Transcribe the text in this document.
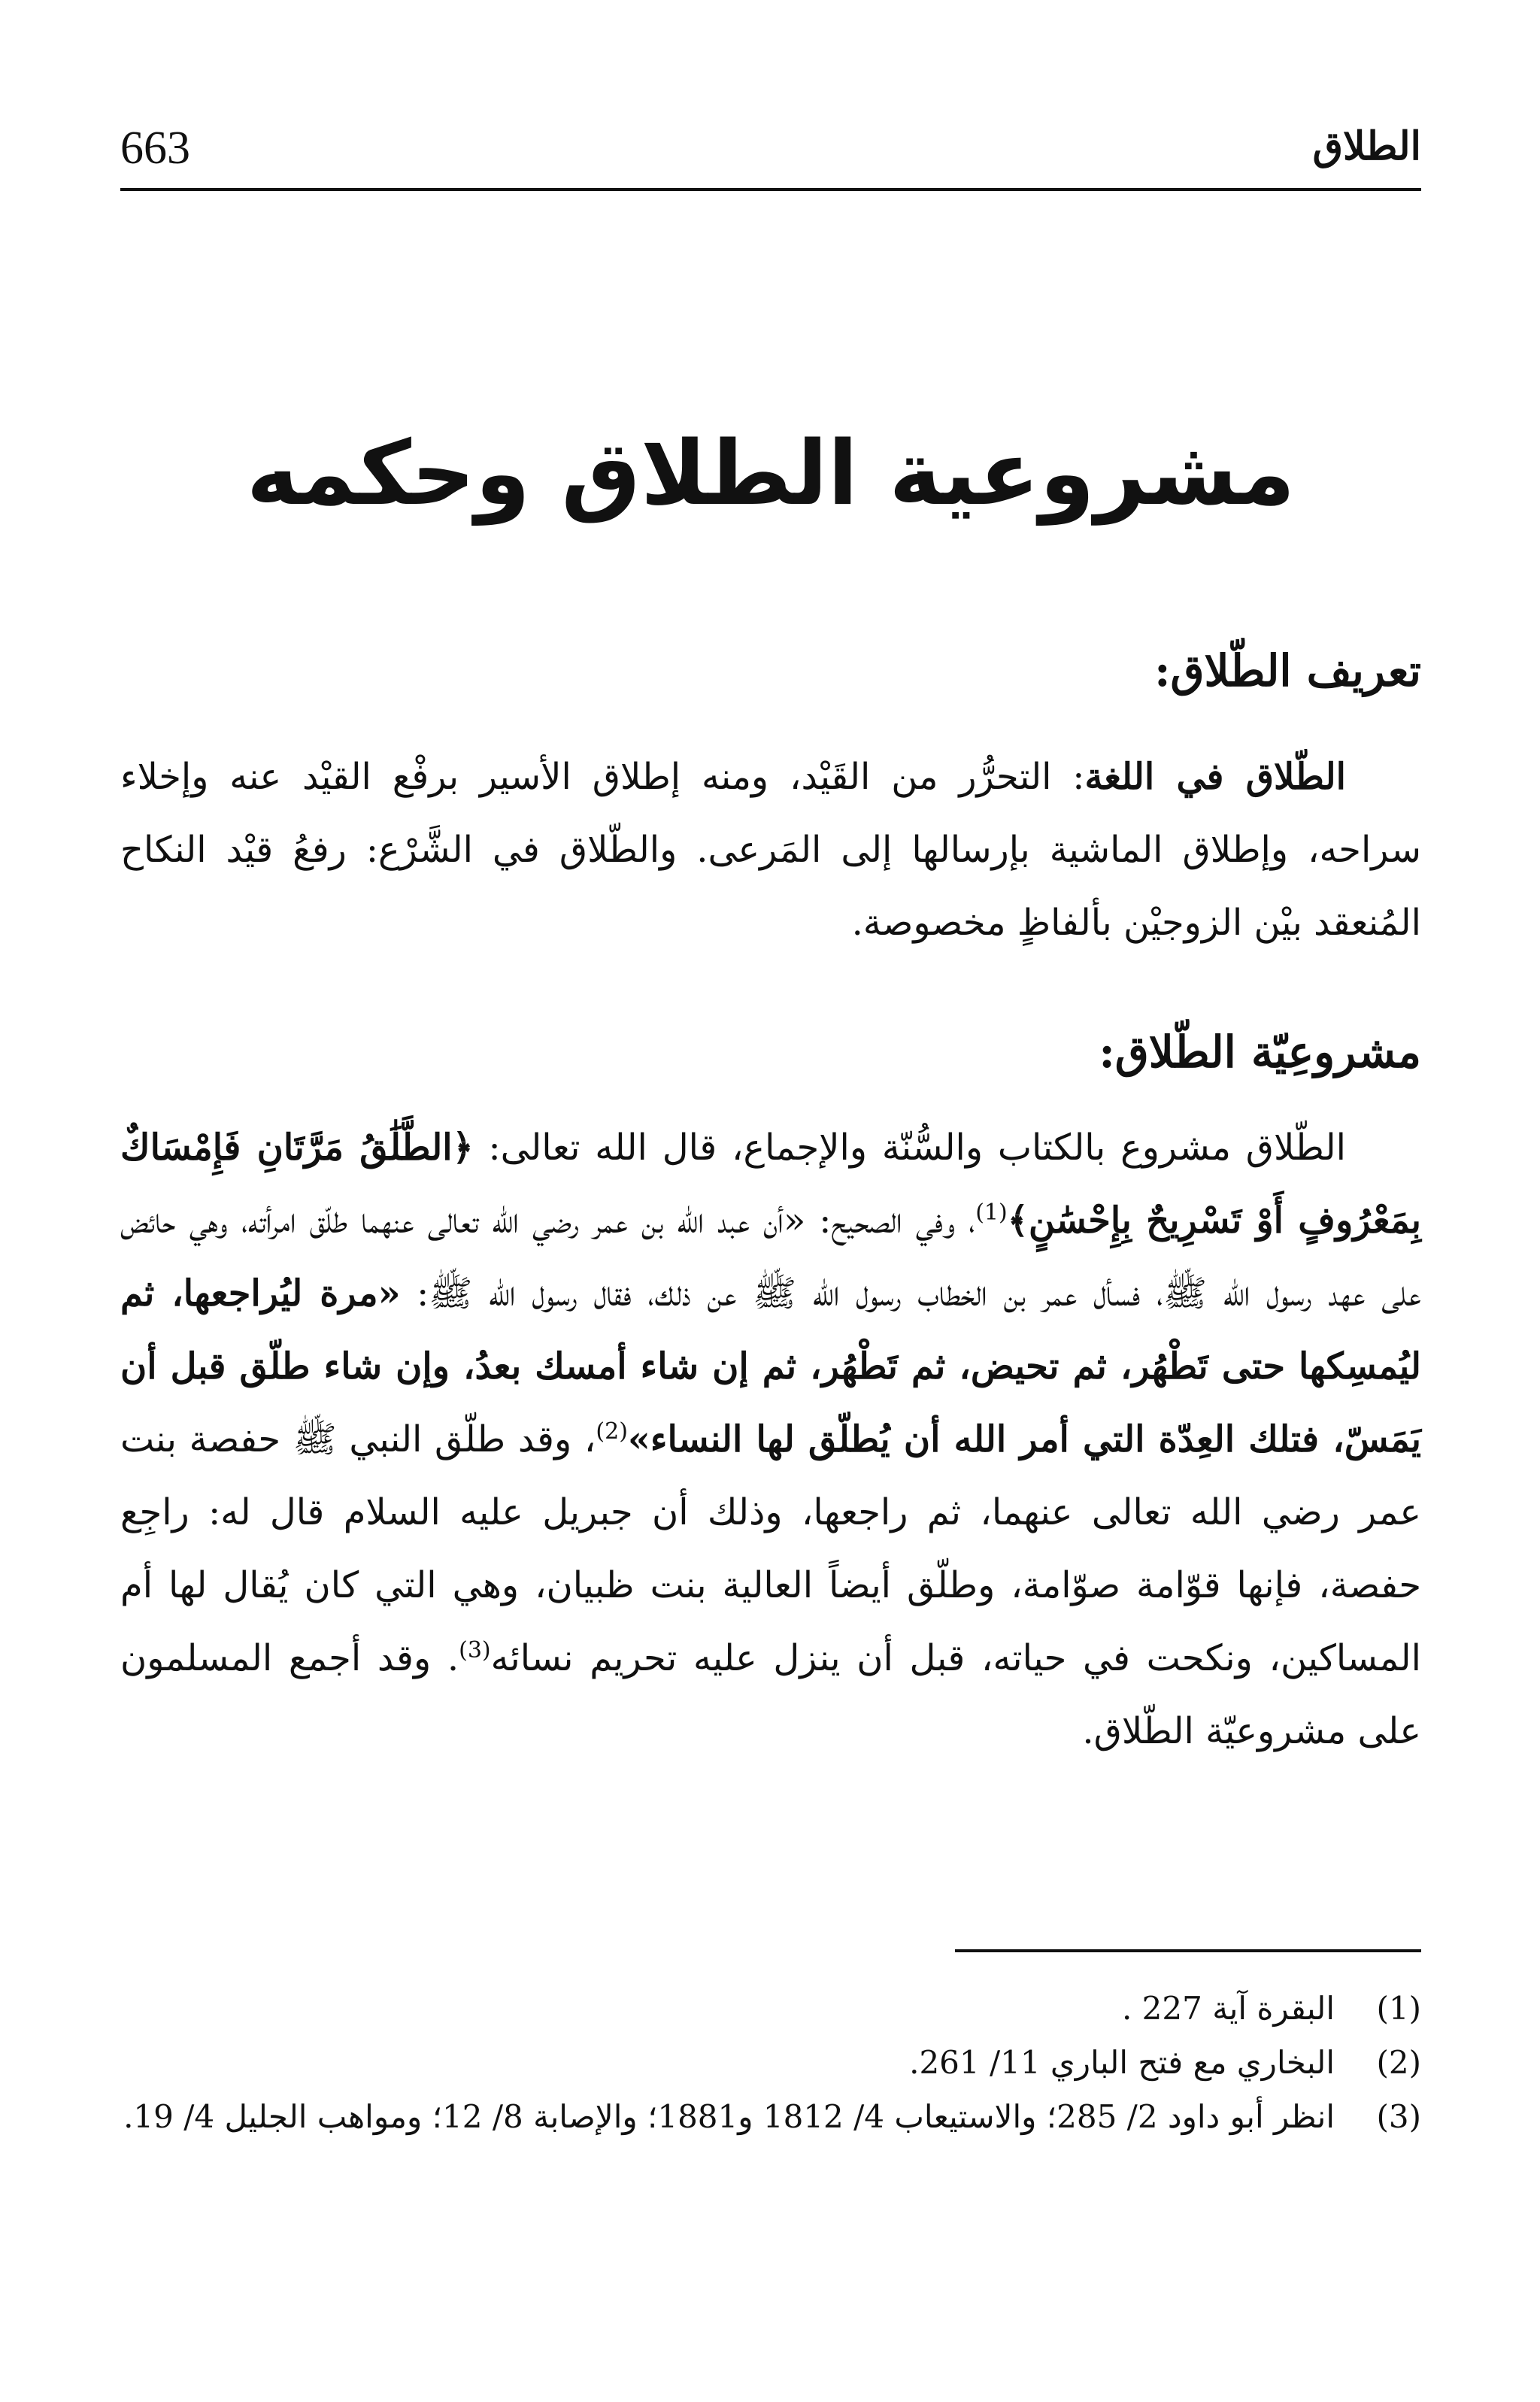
663	الطلاق
مشروعية الطلاق وحكمه
تعريف الطّلاق:

الطّلاق في اللغة: التحرُّر من القَيْد، ومنه إطلاق الأسير برفْع القيْد عنه وإخلاء سراحه، وإطلاق الماشية بإرسالها إلى المَرعى. والطّلاق في الشَّرْع: رفعُ قيْد النكاح المُنعقد بيْن الزوجيْن بألفاظٍ مخصوصة.

مشروعِيّة الطّلاق:

الطّلاق مشروع بالكتاب والسُّنّة والإجماع، قال الله تعالى: ﴿الطَّلَٰقُ مَرَّتَانِ فَإِمْسَاكٌ بِمَعْرُوفٍ أَوْ تَسْرِيحٌ بِإِحْسَٰنٍ﴾$^{(1)}$، وفي الصحيح: «أن عبد الله بن عمر رضي الله تعالى عنهما طلّق امرأته، وهي حائض على عهد رسول الله ﷺ، فسأل عمر بن الخطاب رسول الله ﷺ عن ذلك، فقال رسول الله ﷺ: «مرة ليُراجعها، ثم ليُمسِكها حتى تَطْهُر، ثم تحيض، ثم تَطْهُر، ثم إن شاء أمسك بعدُ، وإن شاء طلّق قبل أن يَمَسّ، فتلك العِدّة التي أمر الله أن يُطلّق لها النساء»$^{(2)}$، وقد طلّق النبي ﷺ حفصة بنت عمر رضي الله تعالى عنهما، ثم راجعها، وذلك أن جبريل عليه السلام قال له: راجِع حفصة، فإنها قوّامة صوّامة، وطلّق أيضاً العالية بنت ظبيان، وهي التي كان يُقال لها أم المساكين، ونكحت في حياته، قبل أن ينزل عليه تحريم نسائه$^{(3)}$. وقد أجمع المسلمون على مشروعيّة الطّلاق.

(1)
البقرة آية 227 .
(2)
البخاري مع فتح الباري 11/ 261.
(3)
انظر أبو داود 2/ 285؛ والاستيعاب 4/ 1812 و1881؛ والإصابة 8/ 12؛ ومواهب الجليل 4/ 19.
